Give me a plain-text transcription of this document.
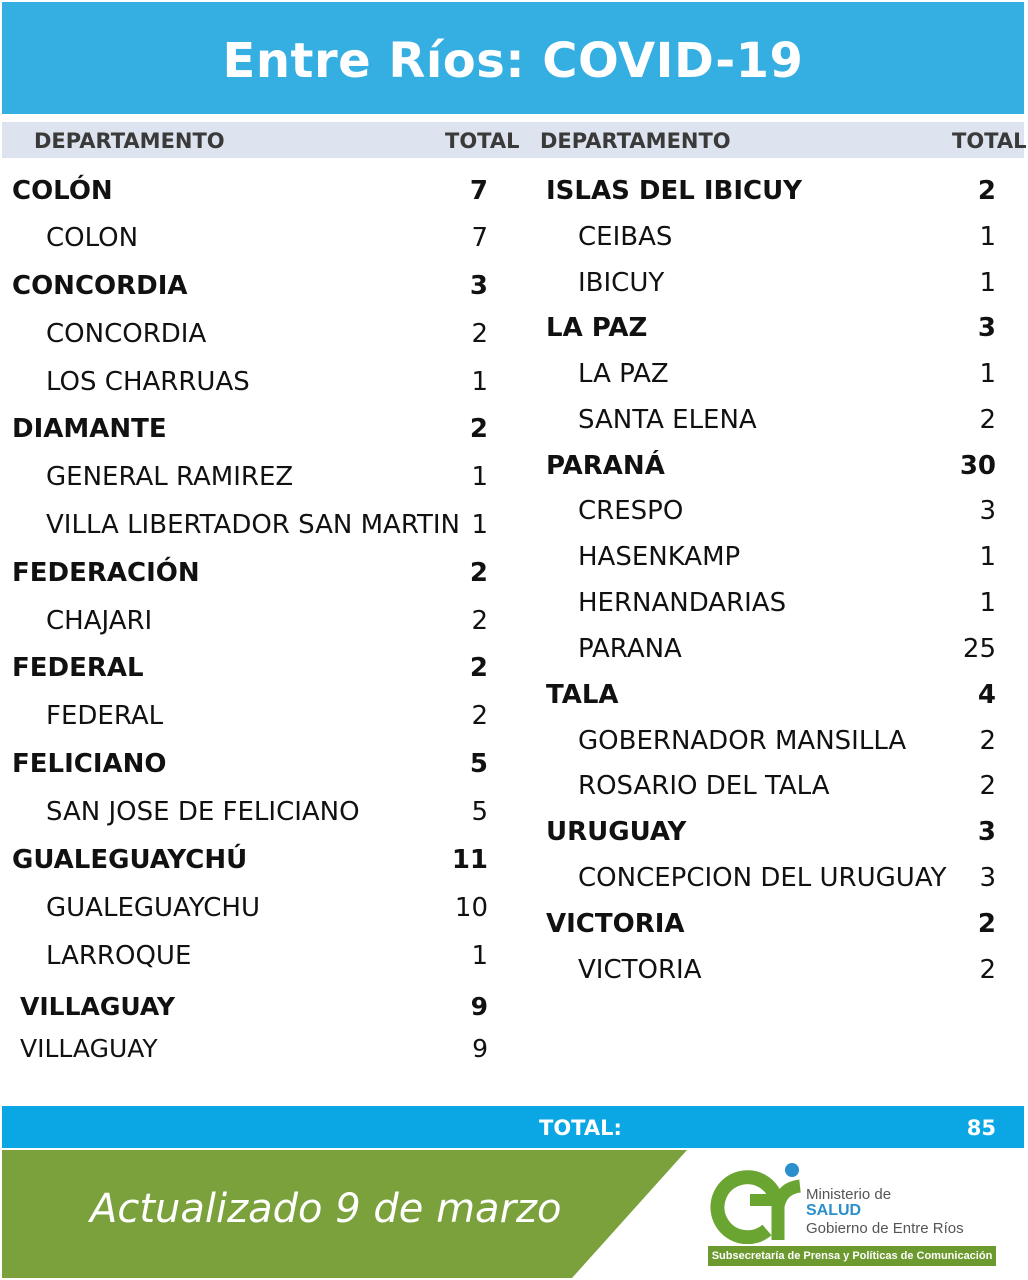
Entre Ríos: COVID-19
DEPARTAMENTO	TOTAL DEPARTAMENTO	TOTAL
COLÓN	7
COLON	7
CONCORDIA	3
CONCORDIA	2
LOS CHARRUAS	1
DIAMANTE	2
GENERAL RAMIREZ	1
VILLA LIBERTADOR SAN MARTIN 1
FEDERACIÓN	2
CHAJARI	2
FEDERAL	2
FEDERAL	2
FELICIANO	5
SAN JOSE DE FELICIANO	5
GUALEGUAYCHÚ	11
GUALEGUAYCHU	10
LARROQUE	1
VILLAGUAY	9
VILLAGUAY	9
ISLAS DEL IBICUY	2
CEIBAS	1
IBICUY	1
LA PAZ	3
LA PAZ	1
SANTA ELENA	2
PARANÁ	30
CRESPO	3
HASENKAMP	1
HERNANDARIAS	1
PARANA	25
TALA	4
GOBERNADOR MANSILLA	2
ROSARIO DEL TALA	2
URUGUAY	3
CONCEPCION DEL URUGUAY 3
VICTORIA	2
VICTORIA	2
TOTAL:	85
Actualizado 9 de marzo	Ministerio de
SALUD
Gobierno de Entre Ríos
Subsecretaría de Prensa y Políticas de Comunicación
